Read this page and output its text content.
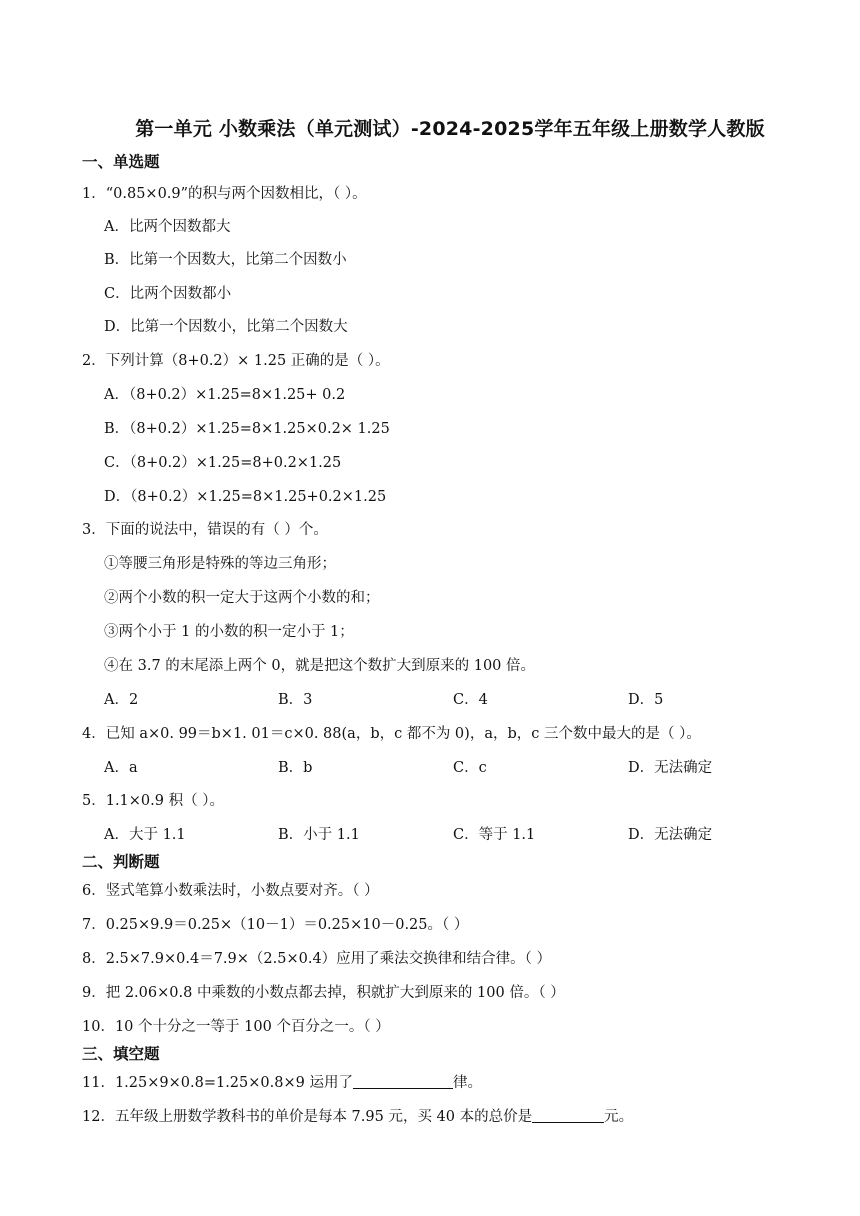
第一单元 小数乘法（单元测试）-2024-2025学年五年级上册数学人教版
一、单选题
1．“0.85×0.9”的积与两个因数相比，（ ）。
A．比两个因数都大
B．比第一个因数大，比第二个因数小
C．比两个因数都小
D．比第一个因数小，比第二个因数大
2．下列计算（8+0.2）× 1.25 正确的是（ ）。
A．（8+0.2）×1.25=8×1.25+ 0.2
B．（8+0.2）×1.25=8×1.25×0.2× 1.25
C．（8+0.2）×1.25=8+0.2×1.25
D．（8+0.2）×1.25=8×1.25+0.2×1.25
3．下面的说法中，错误的有（ ）个。
①等腰三角形是特殊的等边三角形；
②两个小数的积一定大于这两个小数的和；
③两个小于 1 的小数的积一定小于 1；
④在 3.7 的末尾添上两个 0，就是把这个数扩大到原来的 100 倍。
A．2	B．3	C．4	D．5
4．已知 a×0. 99＝b×1. 01＝c×0. 88(a，b，c 都不为 0)，a，b，c 三个数中最大的是（ ）。
A．a	B．b	C．c	D．无法确定
5．1.1×0.9 积（ ）。
A．大于 1.1	B．小于 1.1	C．等于 1.1	D．无法确定
二、判断题
6．竖式笔算小数乘法时，小数点要对齐。（ ）
7．0.25×9.9＝0.25×（10－1）＝0.25×10－0.25。（ ）
8．2.5×7.9×0.4＝7.9×（2.5×0.4）应用了乘法交换律和结合律。（ ）
9．把 2.06×0.8 中乘数的小数点都去掉，积就扩大到原来的 100 倍。（ ）
10．10 个十分之一等于 100 个百分之一。（ ）
三、填空题
11．1.25×9×0.8=1.25×0.8×9 运用了	律。
12．五年级上册数学教科书的单价是每本 7.95 元，买 40 本的总价是	元。
